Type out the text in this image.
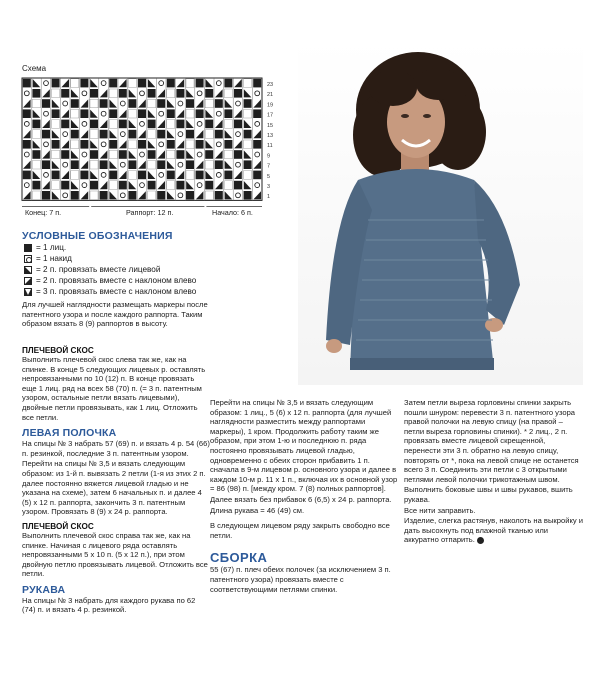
Схема
23
21
19
17
15
13
11
9
7
5
3
1
Конец: 7 п.	Раппорт: 12 п.	Начало: 6 п.
УСЛОВНЫЕ ОБОЗНАЧЕНИЯ
= 1 лиц.
= 1 накид
= 2 п. провязать вместе лицевой
= 2 п. провязать вместе с наклоном влево
= 3 п. провязать вместе с наклоном влево
Для лучшей наглядности размещать маркеры после патентного узора и после каждого раппорта. Таким образом вязать 8 (9) раппортов в высоту.
ПЛЕЧЕВОЙ СКОС

Выполнить плечевой скос слева так же, как на спинке. В конце 5 следующих лицевых р. оставлять непровязанными по 10 (12) п. В конце провязать еще 1 лиц. ряд на всех 58 (70) п. (= 3 п. патентным узором, остальные петли вязать лицевыми), двойные петли провязывать, как 1 лиц. Отложить все петли.

ЛЕВАЯ ПОЛОЧКА

На спицы № 3 набрать 57 (69) п. и вязать 4 р. 54 (66) п. резинкой, последние 3 п. патентным узором.

Перейти на спицы № 3,5 и вязать следующим образом: из 1-й п. вывязать 2 петли (1-я из этих 2 п. далее постоянно вяжется лицевой гладью и не указана на схеме), затем 6 начальных п. и далее 4 (5) х 12 п. раппорта, закончить 3 п. патентным узором. Провязать 8 (9) х 24 р. раппорта.

ПЛЕЧЕВОЙ СКОС

Выполнить плечевой скос справа так же, как на спинке. Начиная с лицевого ряда оставлять непровязанными 5 х 10 п. (5 х 12 п.), при этом двойную петлю провязывать лицевой. Отложить все петли.

РУКАВА

На спицы № 3 набрать для каждого рукава по 62 (74) п. и вязать 4 р. резинкой.

Перейти на спицы № 3,5 и вязать следующим образом: 1 лиц., 5 (6) х 12 п. раппорта (для лучшей наглядности разместить между раппортами маркеры), 1 кром. Продолжить работу таким же образом, при этом 1-ю и последнюю п. ряда постоянно провязывать лицевой гладью, одновременно с обеих сторон прибавить 1 п. сначала в 9-м лицевом р. основного узора и далее в каждом 10-м р. 11 х 1 п., включая их в основной узор = 86 (98) п. [между кром. 7 (8) полных раппортов].

Далее вязать без прибавок 6 (6,5) х 24 р. раппорта.

Длина рукава = 46 (49) см.

В следующем лицевом ряду закрыть свободно все петли.

СБОРКА

55 (67) п. плеч обеих полочек (за исключением 3 п. патентного узора) провязать вместе с соответствующими петлями спинки.

Затем петли выреза горловины спинки закрыть пошли шнуром: перевести 3 п. патентного узора правой полочки на левую спицу (на правой – петли выреза горловины спинки). * 2 лиц., 2 п. провязать вместе лицевой скрещенной, перенести эти 3 п. обратно на левую спицу, повторять от *, пока на левой спице не останется всего 3 п. Соединить эти петли с 3 открытыми петлями левой полочки трикотажным швом.

Выполнить боковые швы и швы рукавов, вшить рукава.

Все нити заправить.

Изделие, слегка растянув, наколоть на выкройку и дать высохнуть под влажной тканью или аккуратно отпарить.
